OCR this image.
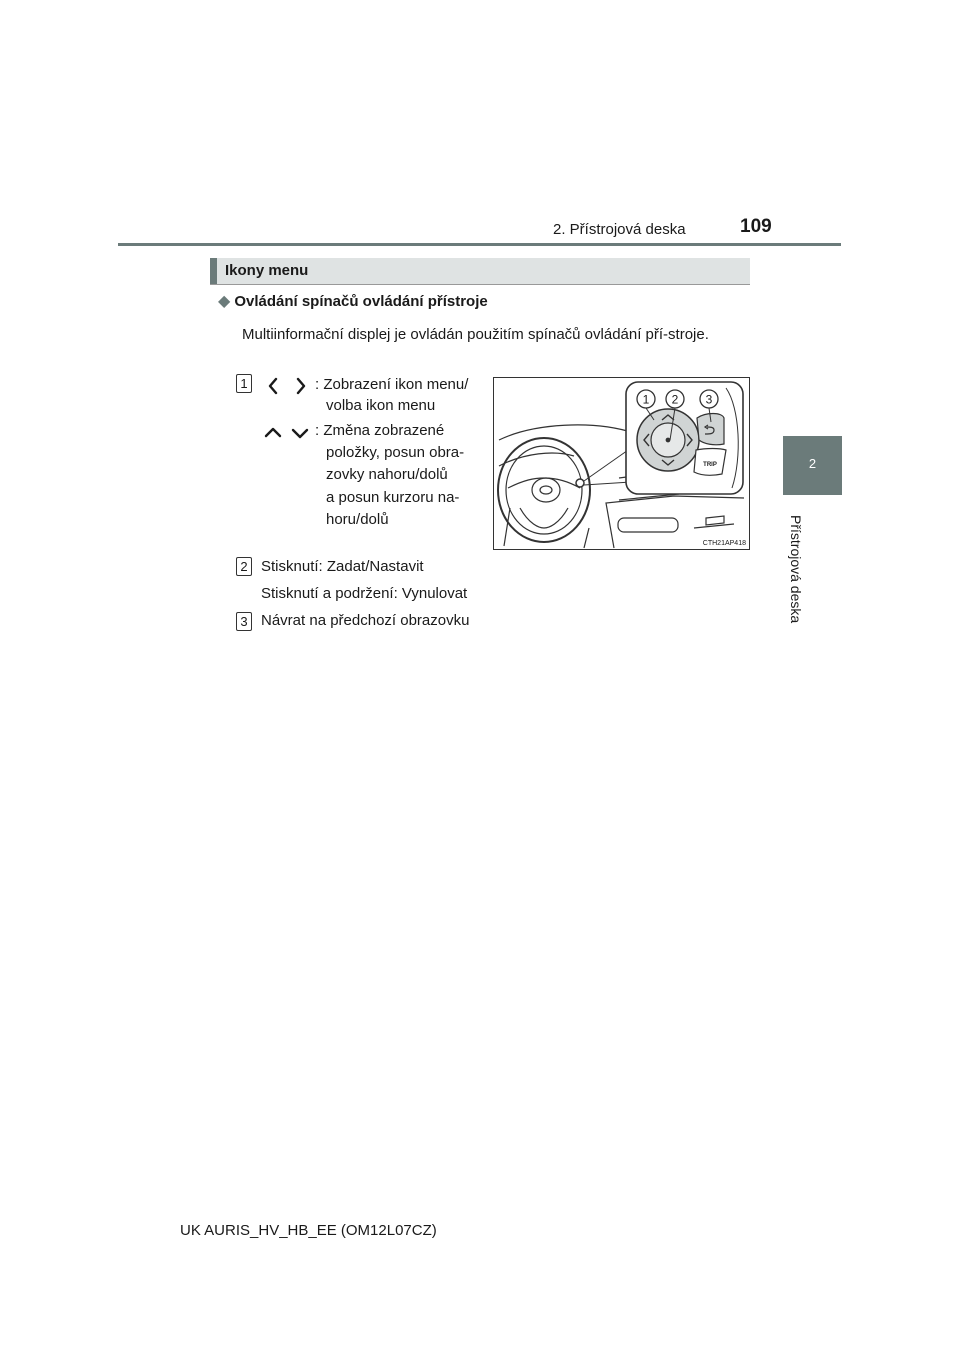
2. Přístrojová deska	109
2
Přístrojová deska
Ikony menu
◆ Ovládání spínačů ovládání přístroje
Multiinformační displej je ovládán použitím spínačů ovládání pří-stroje.
1	: Zobrazení ikon menu/
volba ikon menu
: Změna zobrazené
položky, posun obra-
zovky nahoru/dolů
a posun kurzoru na-
horu/dolů
2 Stisknutí: Zadat/Nastavit
Stisknutí a podržení: Vynulovat
3 Návrat na předchozí obrazovku
1 2 3
TRIP
CTH21AP418
UK AURIS_HV_HB_EE (OM12L07CZ)
